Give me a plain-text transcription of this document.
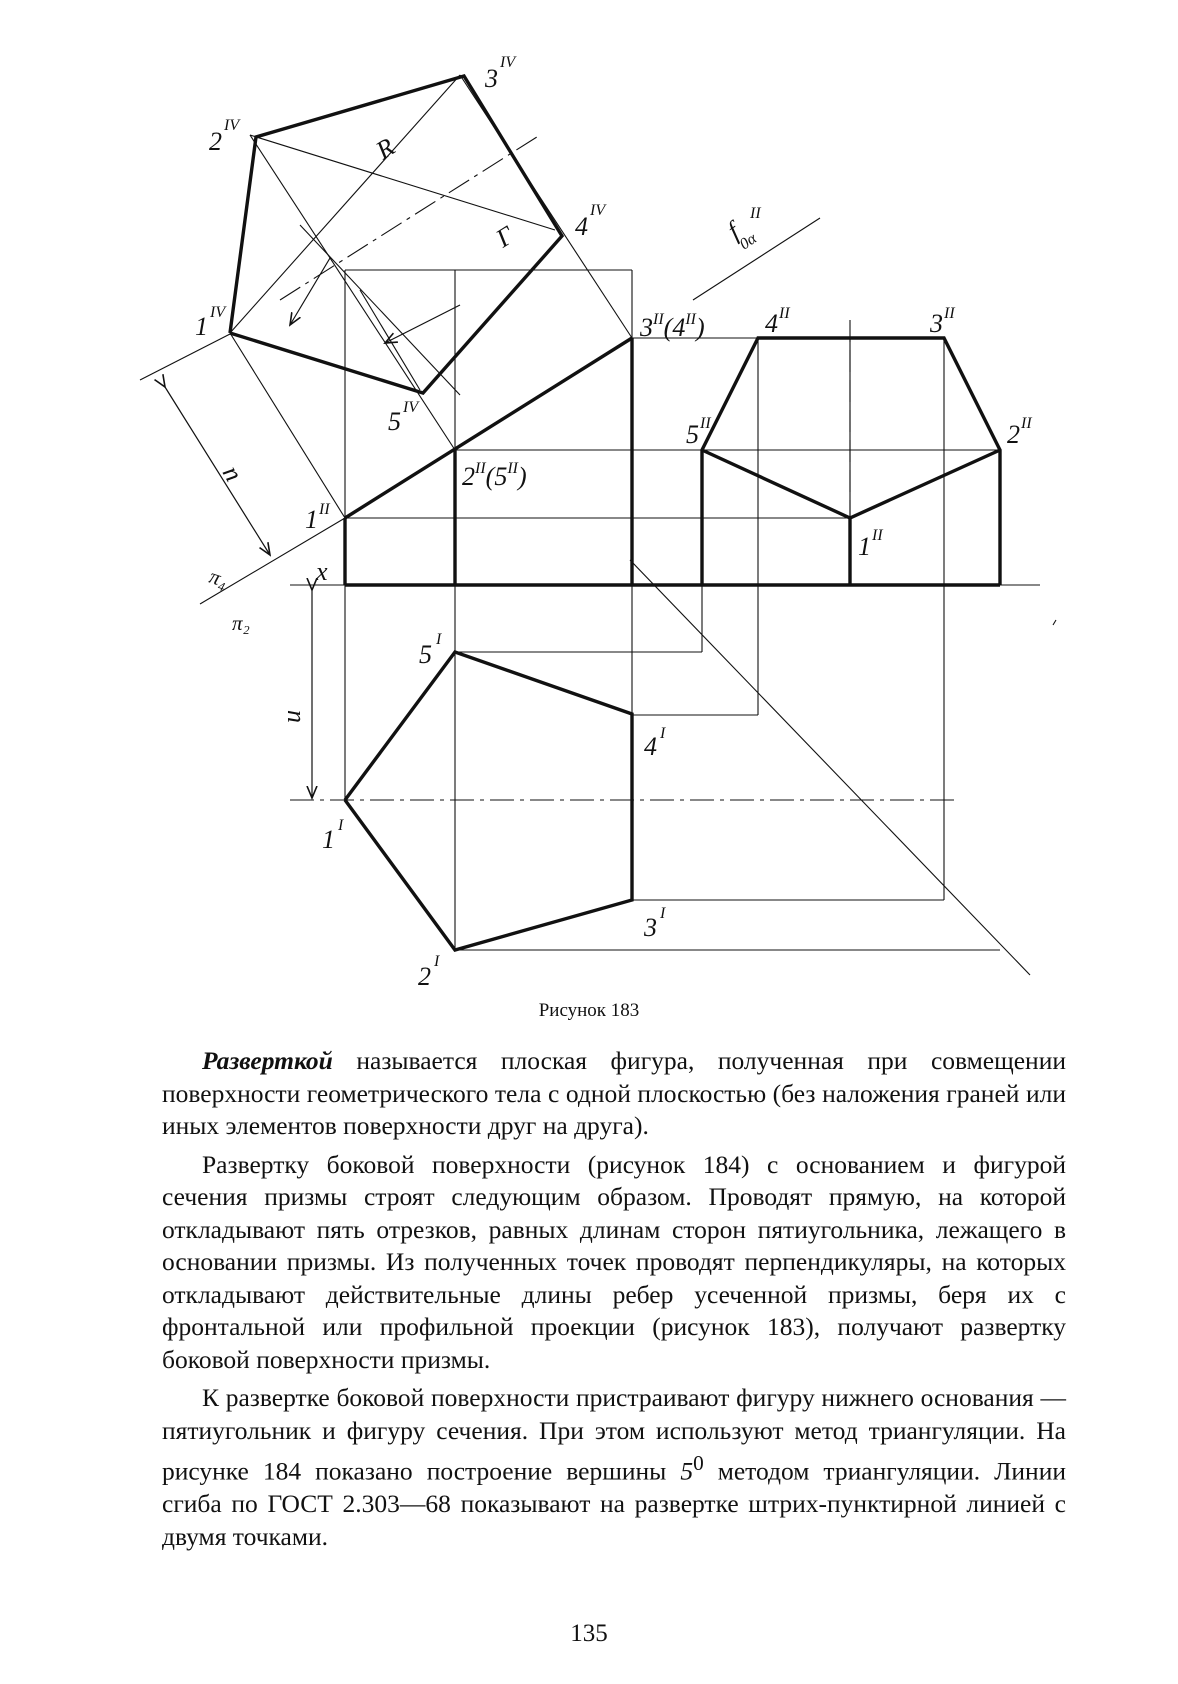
2
IV
3
IV
4
IV
1 IV
5 IV
R
Г	f
II
0α
$3^{II}(4^{II})$ 4 II	3 II
5 II	2 II
1 II
$2^{II}(5^{II})$
1 II
x
π₄
π₂
n
n
5
I
4 I
1 I
3 I
2
I
Рисунок 183

Разверткой называется плоская фигура, полученная при совмещении поверхности геометрического тела с одной плоскостью (без наложения граней или иных элементов поверхности друг на друга).

Развертку боковой поверхности (рисунок 184) с основанием и фигурой сечения призмы строят следующим образом. Проводят прямую, на которой откладывают пять отрезков, равных длинам сторон пятиугольника, лежащего в основании призмы. Из полученных точек проводят перпендикуляры, на которых откладывают действительные длины ребер усеченной призмы, беря их с фронтальной или профильной проекции (рисунок 183), получают развертку боковой поверхности призмы.

К развертке боковой поверхности пристраивают фигуру нижнего основания — пятиугольник и фигуру сечения. При этом используют метод триангуляции. На рисунке 184 показано построение вершины $5^0$ методом триангуляции. Линии сгиба по ГОСТ 2.303—68 показывают на развертке штрих-пунктирной линией с двумя точками.

135
